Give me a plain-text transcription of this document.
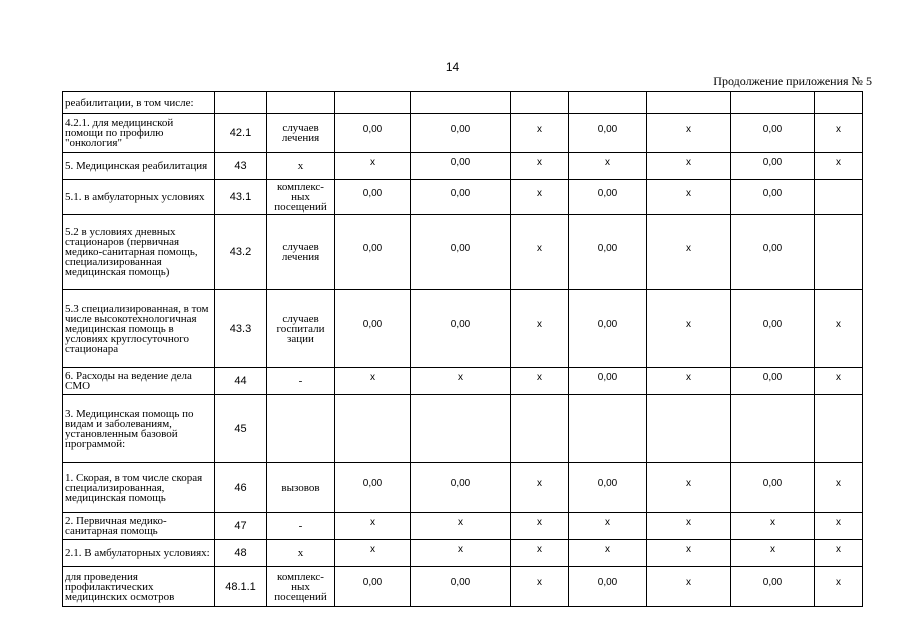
14
Продолжение приложения № 5
реабилитации, в том числе:									
4.2.1. для медицинской помощи по профилю "онкология"	42.1	случаев лечения	0,00	0,00	х	0,00	х	0,00	х
5. Медицинская реабилитация	43	х	х	0,00	х	х	х	0,00	х
5.1. в амбулаторных условиях	43.1	комплекс-ных посещений	0,00	0,00	х	0,00	х	0,00	
5.2 в условиях дневных стационаров (первичная медико-санитарная помощь, специализированная медицинская помощь)	43.2	случаев лечения	0,00	0,00	х	0,00	х	0,00	
5.3 специализированная, в том числе высокотехнологичная медицинская помощь в условиях круглосуточного стационара	43.3	случаев госпитали зации	0,00	0,00	х	0,00	х	0,00	х
6. Расходы на ведение дела СМО	44	-	х	х	х	0,00	х	0,00	х
3. Медицинская помощь по видам и заболеваниям, установленным базовой программой:	45								
1. Скорая, в том числе скорая специализированная, медицинская помощь	46	вызовов	0,00	0,00	х	0,00	х	0,00	х
2. Первичная медико-санитарная помощь	47	-	х	х	х	х	х	х	х
2.1. В амбулаторных условиях:	48	х	х	х	х	х	х	х	х
для проведения профилактических медицинских осмотров	48.1.1	комплекс-ных посещений	0,00	0,00	х	0,00	х	0,00	х
